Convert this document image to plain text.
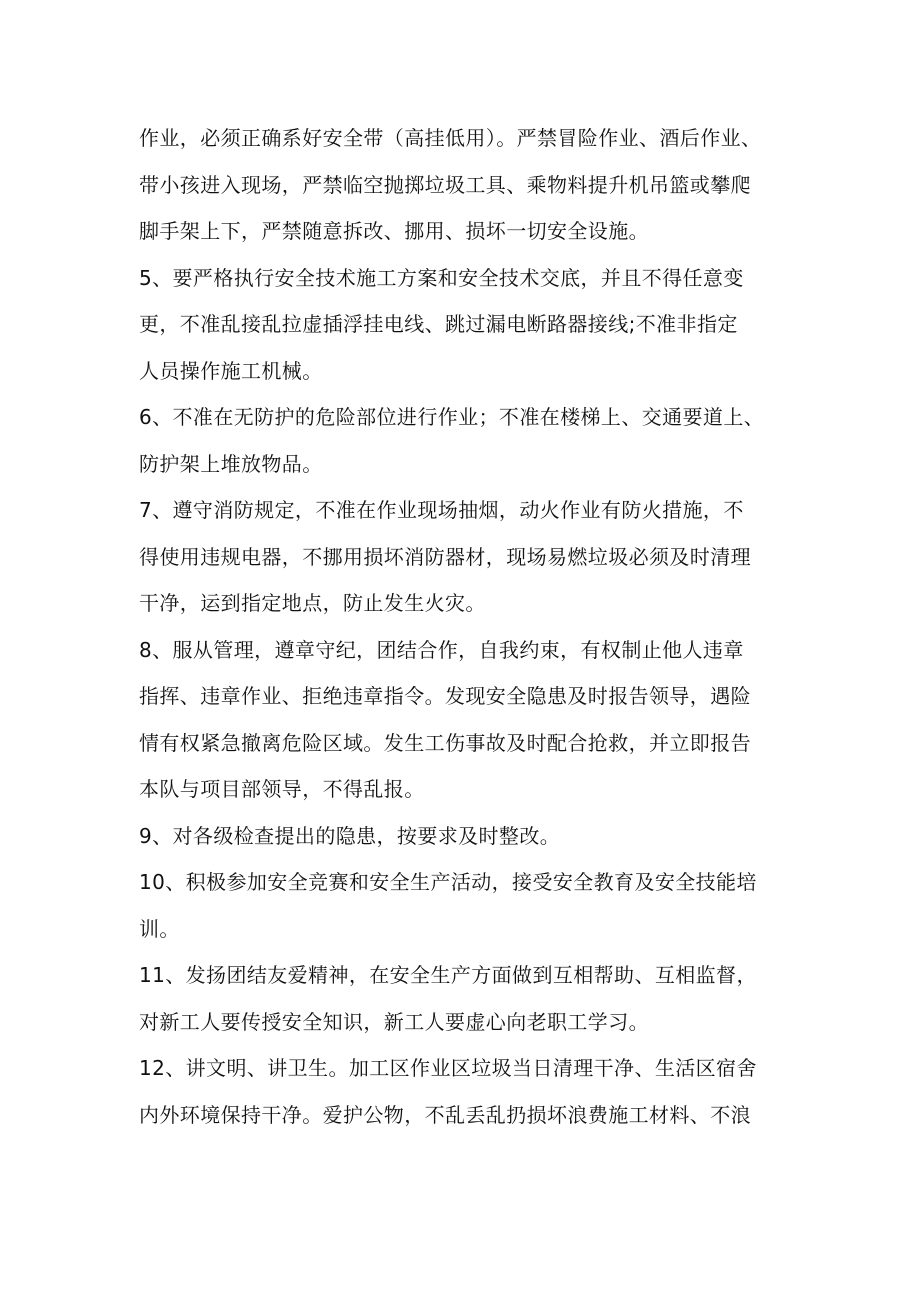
作业，必须正确系好安全带（高挂低用）。严禁冒险作业、酒后作业、
带小孩进入现场，严禁临空抛掷垃圾工具、乘物料提升机吊篮或攀爬
脚手架上下，严禁随意拆改、挪用、损坏一切安全设施。

5、要严格执行安全技术施工方案和安全技术交底，并且不得任意变
更，不准乱接乱拉虚插浮挂电线、跳过漏电断路器接线;不准非指定
人员操作施工机械。

6、不准在无防护的危险部位进行作业；不准在楼梯上、交通要道上、
防护架上堆放物品。

7、遵守消防规定，不准在作业现场抽烟，动火作业有防火措施，不
得使用违规电器，不挪用损坏消防器材，现场易燃垃圾必须及时清理
干净，运到指定地点，防止发生火灾。

8、服从管理，遵章守纪，团结合作，自我约束，有权制止他人违章
指挥、违章作业、拒绝违章指令。发现安全隐患及时报告领导，遇险
情有权紧急撤离危险区域。发生工伤事故及时配合抢救，并立即报告
本队与项目部领导，不得乱报。

9、对各级检查提出的隐患，按要求及时整改。

10、积极参加安全竞赛和安全生产活动，接受安全教育及安全技能培
训。

11、发扬团结友爱精神，在安全生产方面做到互相帮助、互相监督，
对新工人要传授安全知识，新工人要虚心向老职工学习。

12、讲文明、讲卫生。加工区作业区垃圾当日清理干净、生活区宿舍
内外环境保持干净。爱护公物，不乱丢乱扔损坏浪费施工材料、不浪
